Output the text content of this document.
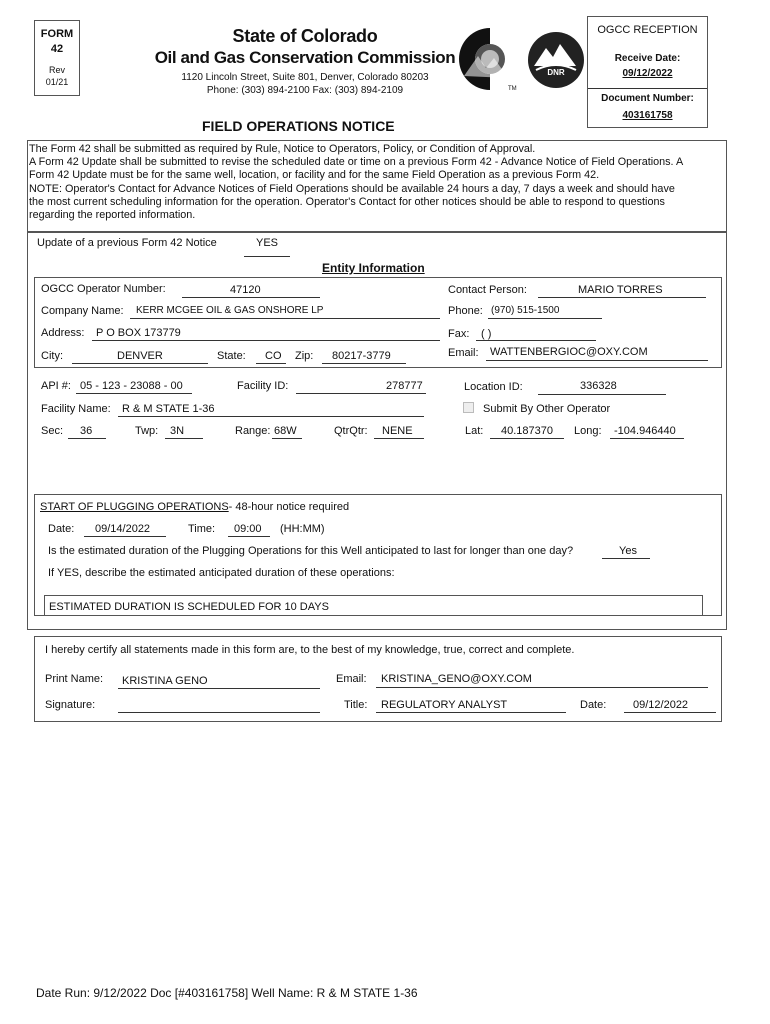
FORM
42
Rev
01/21
State of Colorado
Oil and Gas Conservation Commission
1120 Lincoln Street, Suite 801, Denver, Colorado 80203
Phone: (303) 894-2100 Fax: (303) 894-2109	TM
DNR
OGCC RECEPTION
Receive Date:
09/12/2022
Document Number:
403161758
FIELD OPERATIONS NOTICE
The Form 42 shall be submitted as required by Rule, Notice to Operators, Policy, or Condition of Approval.
A Form 42 Update shall be submitted to revise the scheduled date or time on a previous Form 42 - Advance Notice of Field Operations. A
Form 42 Update must be for the same well, location, or facility and for the same Field Operation as a previous Form 42.
NOTE: Operator's Contact for Advance Notices of Field Operations should be available 24 hours a day, 7 days a week and should have
the most current scheduling information for the operation. Operator's Contact for other notices should be able to respond to questions
regarding the reported information.
Update of a previous Form 42 Notice	YES
Entity Information
OGCC Operator Number:	47120	Contact Person:	MARIO TORRES
Company Name: KERR MCGEE OIL & GAS ONSHORE LP	Phone: (970) 515-1500
Address: P O BOX 173779	Fax: ( )
City:	DENVER	State: CO Zip: 80217-3779	Email: WATTENBERGIOC@OXY.COM
API #: 05 - 123 - 23088 - 00	Facility ID:	278777	Location ID:	336328
Facility Name: R & M STATE 1-36	Submit By Other Operator
Sec: 36	Twp: 3N	Range: 68W	QtrQtr: NENE	Lat: 40.187370 Long: -104.946440
START OF PLUGGING OPERATIONS- 48-hour notice required
Date: 09/14/2022	Time: 09:00 (HH:MM)
Is the estimated duration of the Plugging Operations for this Well anticipated to last for longer than one day?	Yes
If YES, describe the estimated anticipated duration of these operations:
ESTIMATED DURATION IS SCHEDULED FOR 10 DAYS
I hereby certify all statements made in this form are, to the best of my knowledge, true, correct and complete.
Print Name: KRISTINA GENO	Email: KRISTINA_GENO@OXY.COM
Signature:	Title: REGULATORY ANALYST	Date: 09/12/2022
Date Run: 9/12/2022 Doc [#403161758] Well Name: R & M STATE 1-36
